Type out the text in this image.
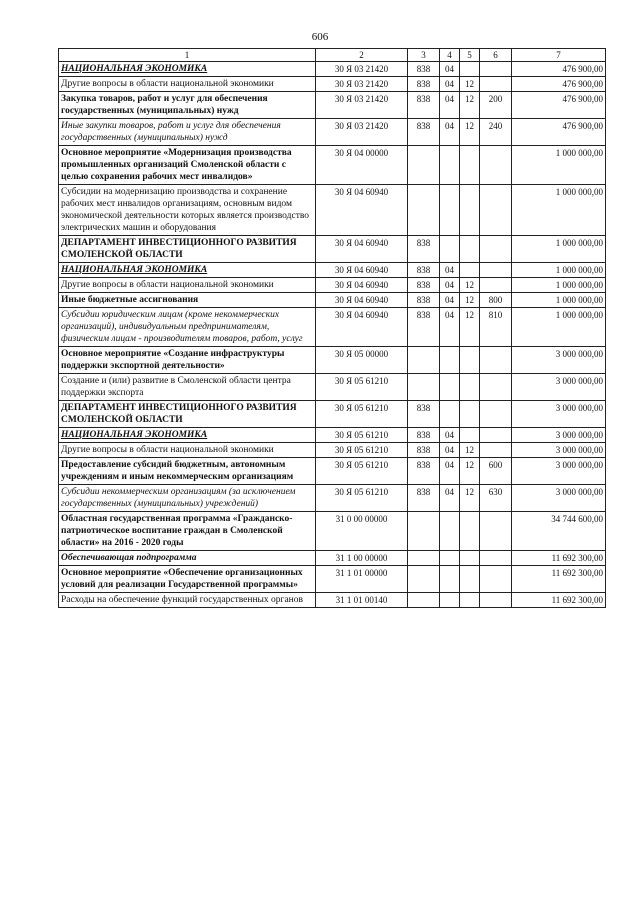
606
1	2	3	4	5	6	7
НАЦИОНАЛЬНАЯ ЭКОНОМИКА	30 Я 03 21420	838	04			476 900,00
Другие вопросы в области национальной экономики	30 Я 03 21420	838	04	12		476 900,00
Закупка товаров, работ и услуг для обеспечения государственных (муниципальных) нужд	30 Я 03 21420	838	04	12	200	476 900,00
Иные закупки товаров, работ и услуг для обеспечения государственных (муниципальных) нужд	30 Я 03 21420	838	04	12	240	476 900,00
Основное мероприятие «Модернизация производства промышленных организаций Смоленской области с целью сохранения рабочих мест инвалидов»	30 Я 04 00000					1 000 000,00
Субсидии на модернизацию производства и сохранение рабочих мест инвалидов организациям, основным видом экономической деятельности которых является производство электрических машин и оборудования	30 Я 04 60940					1 000 000,00
ДЕПАРТАМЕНТ ИНВЕСТИЦИОННОГО РАЗВИТИЯ СМОЛЕНСКОЙ ОБЛАСТИ	30 Я 04 60940	838				1 000 000,00
НАЦИОНАЛЬНАЯ ЭКОНОМИКА	30 Я 04 60940	838	04			1 000 000,00
Другие вопросы в области национальной экономики	30 Я 04 60940	838	04	12		1 000 000,00
Иные бюджетные ассигнования	30 Я 04 60940	838	04	12	800	1 000 000,00
Субсидии юридическим лицам (кроме некоммерческих организаций), индивидуальным предпринимателям, физическим лицам - производителям товаров, работ, услуг	30 Я 04 60940	838	04	12	810	1 000 000,00
Основное мероприятие «Создание инфраструктуры поддержки экспортной деятельности»	30 Я 05 00000					3 000 000,00
Создание и (или) развитие в Смоленской области центра поддержки экспорта	30 Я 05 61210					3 000 000,00
ДЕПАРТАМЕНТ ИНВЕСТИЦИОННОГО РАЗВИТИЯ СМОЛЕНСКОЙ ОБЛАСТИ	30 Я 05 61210	838				3 000 000,00
НАЦИОНАЛЬНАЯ ЭКОНОМИКА	30 Я 05 61210	838	04			3 000 000,00
Другие вопросы в области национальной экономики	30 Я 05 61210	838	04	12		3 000 000,00
Предоставление субсидий бюджетным, автономным учреждениям и иным некоммерческим организациям	30 Я 05 61210	838	04	12	600	3 000 000,00
Субсидии некоммерческим организациям (за исключением государственных (муниципальных) учреждений)	30 Я 05 61210	838	04	12	630	3 000 000,00
Областная государственная программа «Гражданско-патриотическое воспитание граждан в Смоленской области» на 2016 - 2020 годы	31 0 00 00000					34 744 600,00
Обеспечивающая подпрограмма	31 1 00 00000					11 692 300,00
Основное мероприятие «Обеспечение организационных условий для реализации Государственной программы»	31 1 01 00000					11 692 300,00
Расходы на обеспечение функций государственных органов	31 1 01 00140					11 692 300,00
